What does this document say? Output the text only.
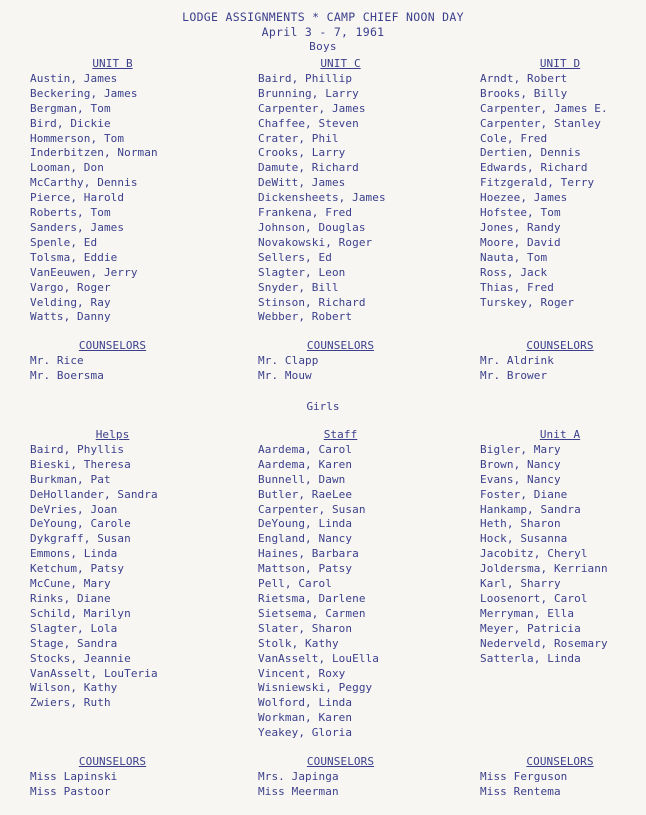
LODGE ASSIGNMENTS * CAMP CHIEF NOON DAY
April 3 - 7, 1961
Boys
UNIT B
Austin, James
Beckering, James
Bergman, Tom
Bird, Dickie
Hommerson, Tom
Inderbitzen, Norman
Looman, Don
McCarthy, Dennis
Pierce, Harold
Roberts, Tom
Sanders, James
Spenle, Ed
Tolsma, Eddie
VanEeuwen, Jerry
Vargo, Roger
Velding, Ray
Watts, Danny
COUNSELORS
Mr. Rice
Mr. Boersma
UNIT C
Baird, Phillip
Brunning, Larry
Carpenter, James
Chaffee, Steven
Crater, Phil
Crooks, Larry
Damute, Richard
DeWitt, James
Dickensheets, James
Frankena, Fred
Johnson, Douglas
Novakowski, Roger
Sellers, Ed
Slagter, Leon
Snyder, Bill
Stinson, Richard
Webber, Robert
COUNSELORS
Mr. Clapp
Mr. Mouw
UNIT D
Arndt, Robert
Brooks, Billy
Carpenter, James E.
Carpenter, Stanley
Cole, Fred
Dertien, Dennis
Edwards, Richard
Fitzgerald, Terry
Hoezee, James
Hofstee, Tom
Jones, Randy
Moore, David
Nauta, Tom
Ross, Jack
Thias, Fred
Turskey, Roger
COUNSELORS
Mr. Aldrink
Mr. Brower
Girls
Helps
Baird, Phyllis
Bieski, Theresa
Burkman, Pat
DeHollander, Sandra
DeVries, Joan
DeYoung, Carole
Dykgraff, Susan
Emmons, Linda
Ketchum, Patsy
McCune, Mary
Rinks, Diane
Schild, Marilyn
Slagter, Lola
Stage, Sandra
Stocks, Jeannie
VanAsselt, LouTeria
Wilson, Kathy
Zwiers, Ruth
COUNSELORS
Miss Lapinski
Miss Pastoor
Staff
Aardema, Carol
Aardema, Karen
Bunnell, Dawn
Butler, RaeLee
Carpenter, Susan
DeYoung, Linda
England, Nancy
Haines, Barbara
Mattson, Patsy
Pell, Carol
Rietsma, Darlene
Sietsema, Carmen
Slater, Sharon
Stolk, Kathy
VanAsselt, LouElla
Vincent, Roxy
Wisniewski, Peggy
Wolford, Linda
Workman, Karen
Yeakey, Gloria
COUNSELORS
Mrs. Japinga
Miss Meerman
Unit A
Bigler, Mary
Brown, Nancy
Evans, Nancy
Foster, Diane
Hankamp, Sandra
Heth, Sharon
Hock, Susanna
Jacobitz, Cheryl
Joldersma, Kerriann
Karl, Sharry
Loosenort, Carol
Merryman, Ella
Meyer, Patricia
Nederveld, Rosemary
Satterla, Linda
COUNSELORS
Miss Ferguson
Miss Rentema
